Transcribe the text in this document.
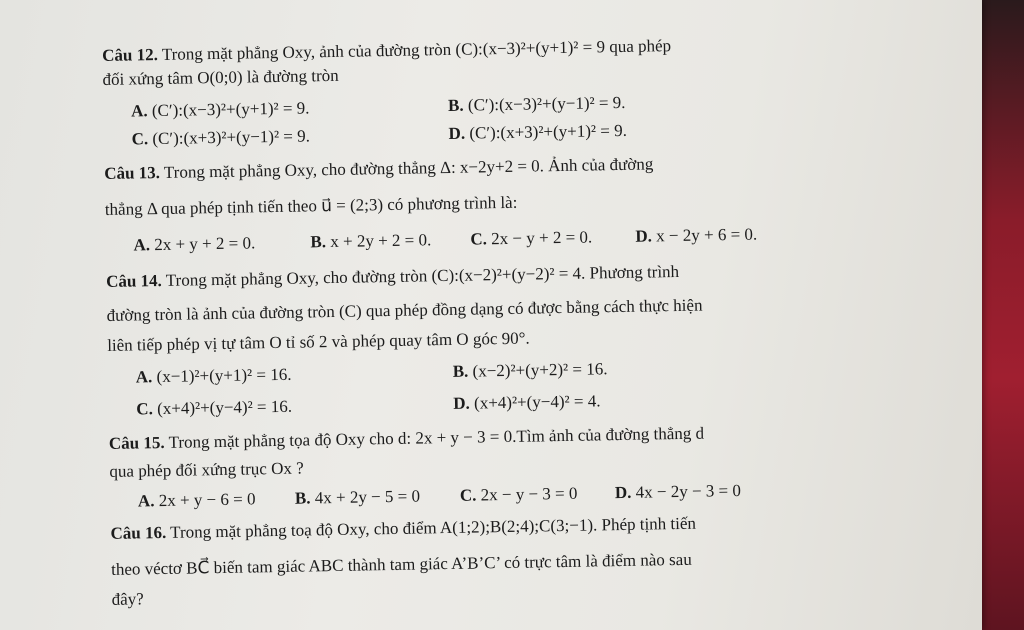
Câu 12. Trong mặt phẳng Oxy, ảnh của đường tròn (C):(x−3)²+(y+1)² = 9 qua phép
đối xứng tâm O(0;0) là đường tròn
A. (C′):(x−3)²+(y+1)² = 9.	B. (C′):(x−3)²+(y−1)² = 9.
C. (C′):(x+3)²+(y−1)² = 9.	D. (C′):(x+3)²+(y+1)² = 9.
Câu 13. Trong mặt phẳng Oxy, cho đường thẳng Δ: x−2y+2 = 0. Ảnh của đường
thẳng Δ qua phép tịnh tiến theo u⃗ = (2;3) có phương trình là:
A. 2x + y + 2 = 0.	B. x + 2y + 2 = 0. C. 2x − y + 2 = 0.	D. x − 2y + 6 = 0.
Câu 14. Trong mặt phẳng Oxy, cho đường tròn (C):(x−2)²+(y−2)² = 4. Phương trình
đường tròn là ảnh của đường tròn (C) qua phép đồng dạng có được bằng cách thực hiện
liên tiếp phép vị tự tâm O tỉ số 2 và phép quay tâm O góc 90°.
A. (x−1)²+(y+1)² = 16.	B. (x−2)²+(y+2)² = 16.
C. (x+4)²+(y−4)² = 16.	D. (x+4)²+(y−4)² = 4.
Câu 15. Trong mặt phẳng tọa độ Oxy cho d: 2x + y − 3 = 0.Tìm ảnh của đường thẳng d
qua phép đối xứng trục Ox ?
A. 2x + y − 6 = 0 B. 4x + 2y − 5 = 0 C. 2x − y − 3 = 0 D. 4x − 2y − 3 = 0
Câu 16. Trong mặt phẳng toạ độ Oxy, cho điểm A(1;2);B(2;4);C(3;−1). Phép tịnh tiến
theo véctơ BC⃗ biến tam giác ABC thành tam giác A’B’C’ có trực tâm là điểm nào sau
đây?
